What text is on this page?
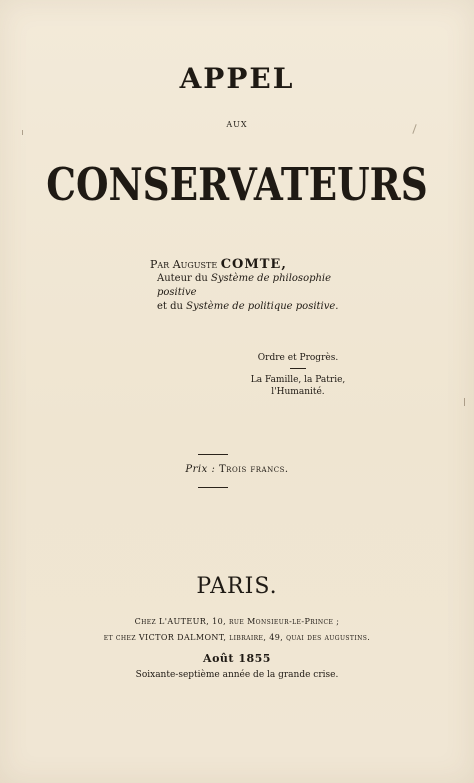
APPEL
AUX
CONSERVATEURS
Par Auguste COMTE,
Auteur du Système de philosophie positive
et du Système de politique positive.
Ordre et Progrès.
La Famille, la Patrie, l'Humanité.
Prix : Trois francs.
PARIS.
Chez L'AUTEUR, 10, rue Monsieur-le-Prince ;
et chez VICTOR DALMONT, libraire, 49, quai des augustins.
Août 1855
Soixante-septième année de la grande crise.
